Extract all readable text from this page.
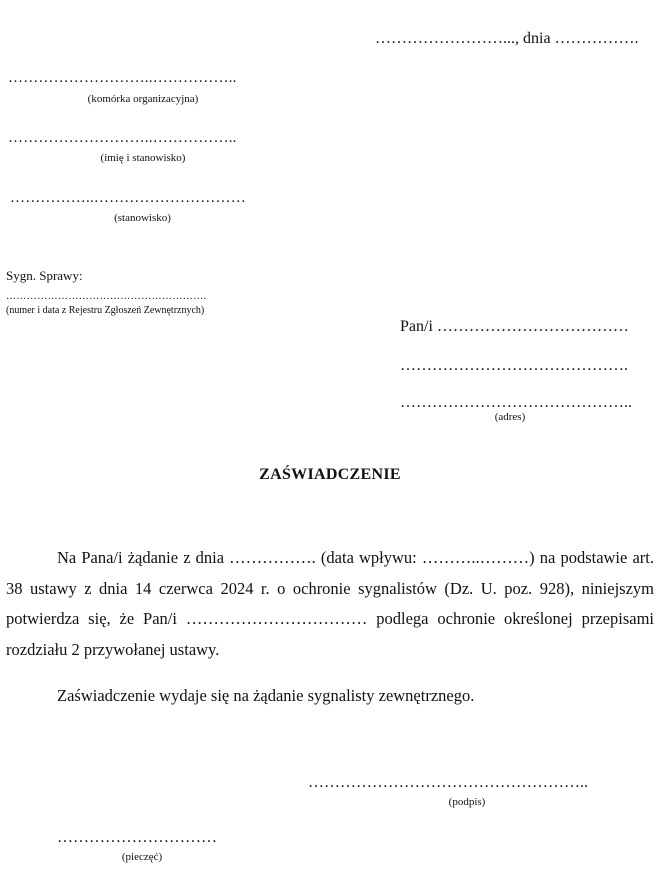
……………………..., dnia …………….
………………………..……………..
(komórka organizacyjna)
………………………..……………..
(imię i stanowisko)
……………..…………………………
(stanowisko)
Sygn. Sprawy:
………………………………………………….
(numer i data z Rejestru Zgłoszeń Zewnętrznych)
Pan/i ………………………………
…………………………………….
……………………………………..
(adres)
ZAŚWIADCZENIE
Na Pana/i żądanie z dnia ……………. (data wpływu: ………..………) na podstawie art. 38 ustawy z dnia 14 czerwca 2024 r. o ochronie sygnalistów (Dz. U. poz. 928), niniejszym potwierdza się, że Pan/i …………………………… podlega ochronie określonej przepisami rozdziału 2 przywołanej ustawy.
Zaświadczenie wydaje się na żądanie sygnalisty zewnętrznego.
……………………………………………..
(podpis)
…………………………
(pieczęć)
